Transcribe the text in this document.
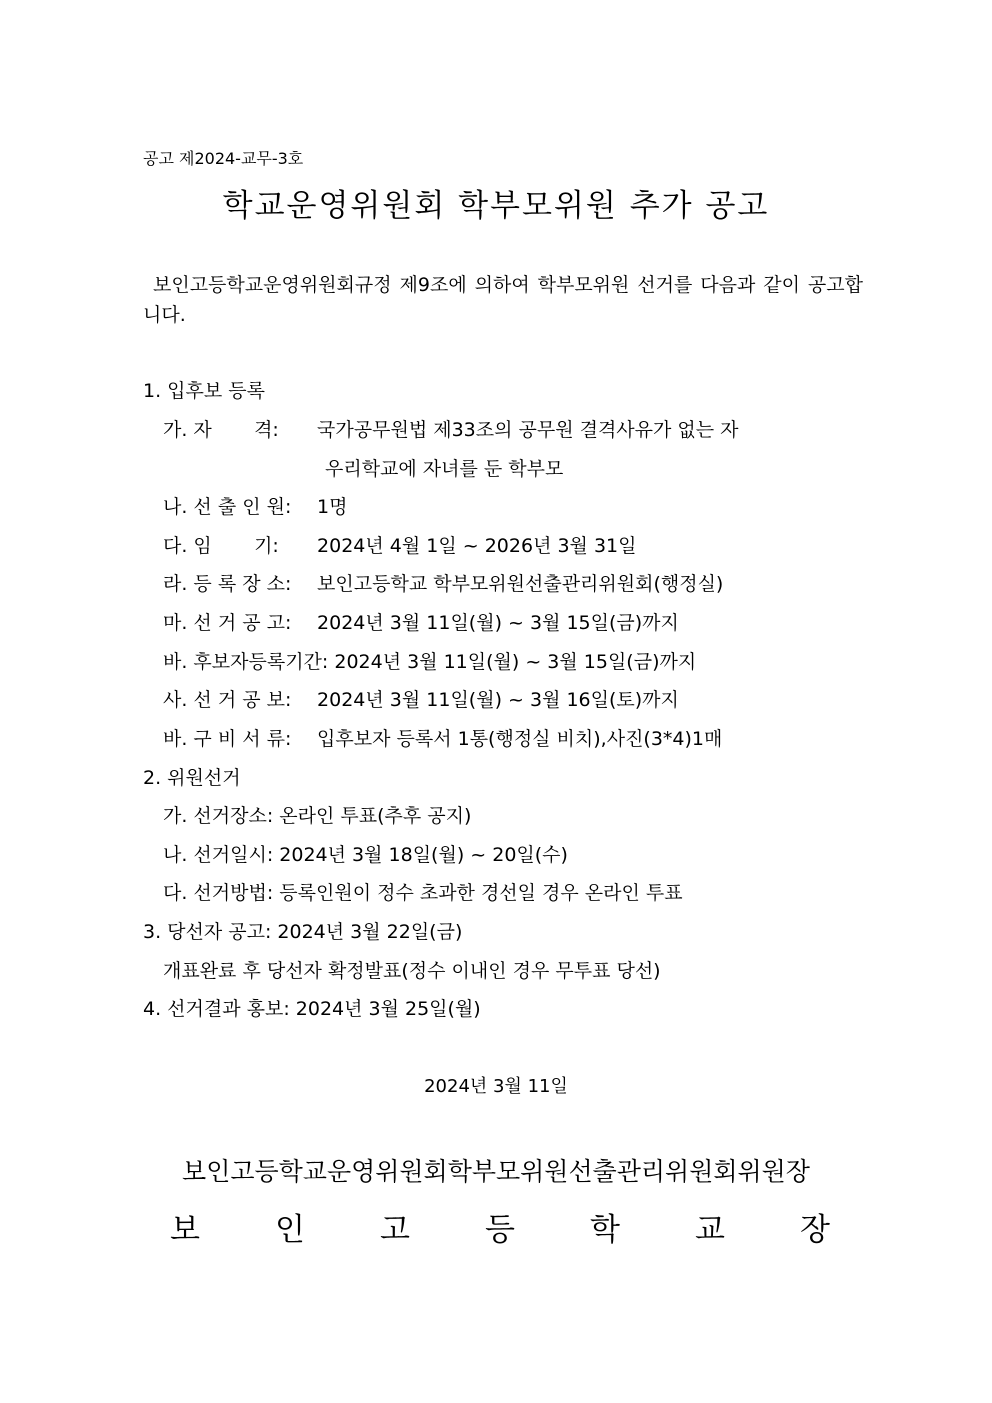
공고 제2024-교무-3호
학교운영위원회 학부모위원 추가 공고
보인고등학교운영위원회규정 제9조에 의하여 학부모위원 선거를 다음과 같이 공고합니다.
1. 입후보 등록
가. 자       격: 국가공무원법 제33조의 공무원 결격사유가 없는 자
우리학교에 자녀를 둔 학부모
나. 선 출 인 원: 1명
다. 임       기: 2024년 4월 1일 ~ 2026년 3월 31일
라. 등 록 장 소: 보인고등학교 학부모위원선출관리위원회(행정실)
마. 선 거 공 고: 2024년 3월 11일(월) ~ 3월 15일(금)까지
바. 후보자등록기간: 2024년 3월 11일(월) ~ 3월 15일(금)까지
사. 선 거 공 보: 2024년 3월 11일(월) ~ 3월 16일(토)까지
바. 구 비 서 류: 입후보자 등록서 1통(행정실 비치),사진(3*4)1매
2. 위원선거
가. 선거장소: 온라인 투표(추후 공지)
나. 선거일시: 2024년 3월 18일(월) ~ 20일(수)
다. 선거방법: 등록인원이 정수 초과한 경선일 경우 온라인 투표
3. 당선자 공고: 2024년 3월 22일(금)
개표완료 후 당선자 확정발표(정수 이내인 경우 무투표 당선)
4. 선거결과 홍보: 2024년 3월 25일(월)
2024년 3월 11일
보인고등학교운영위원회학부모위원선출관리위원회위원장
보 인 고 등 학 교 장
